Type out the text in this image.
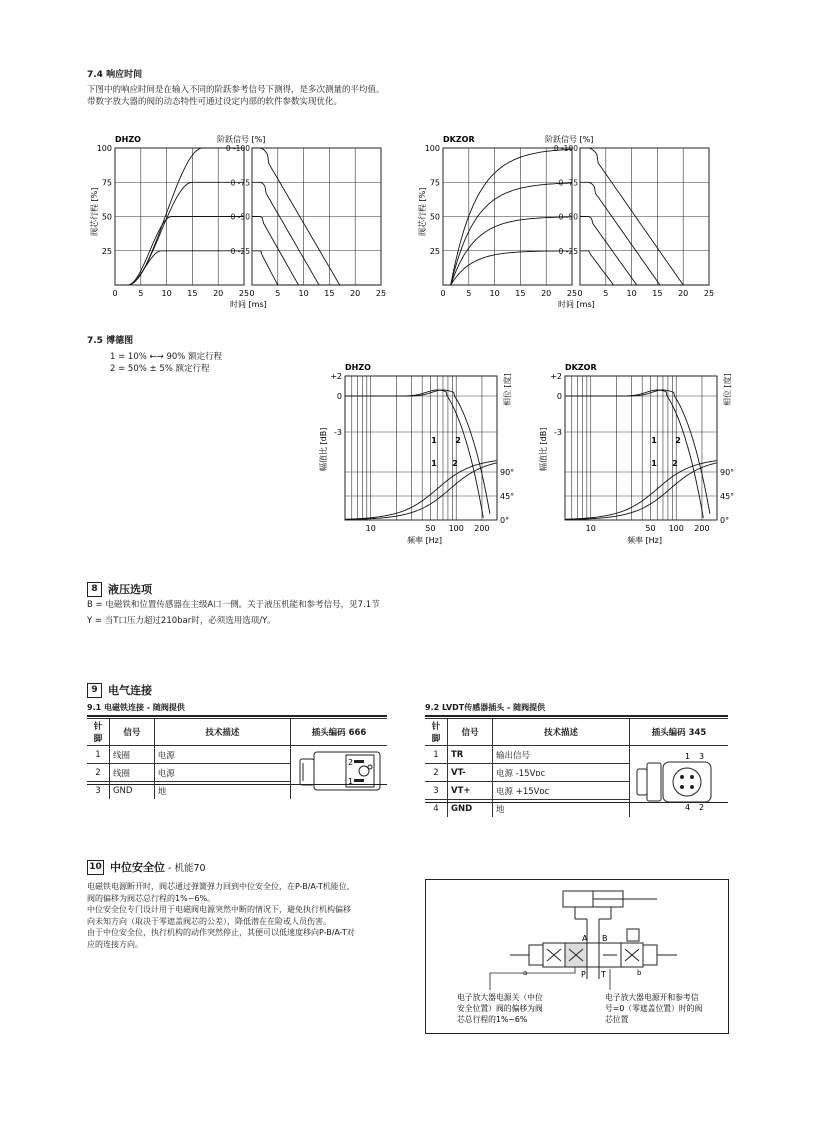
7.4 响应时间
下图中的响应时间是在输入不同的阶跃参考信号下测得，是多次测量的平均值。
带数字放大器的阀的动态特性可通过设定内部的软件参数实现优化。
DHZO	阶跃信号 [%]
阀芯行程 [%]
100
75
50
25
0	0
5	5
10	10
15	15
20	20
25	25
时间 [ms]
0 -100
0 -75
0 -50
0 -25
DKZOR	阶跃信号 [%]
阀芯行程 [%]
100
75
50
25
0	0
5	5
10	10
15	15
20	20
25	25
时间 [ms]
0 -100
0 -75
0 -50
0 -25
7.5 博德图
1 = 10% ←→ 90% 额定行程
2 = 50% ± 5% 额定行程	DHZO
+2
0
-3
90°
45°
0°
幅值比 [dB]
相位 [度]
10	50 100 200
频率 [Hz]
1 2
1 2
DKZOR
+2
0
-3
90°
45°
0°
幅值比 [dB]
相位 [度]
10	50 100 200
频率 [Hz]
1 2
1 2
8 液压选项
B = 电磁铁和位置传感器在主级A口一侧。关于液压机能和参考信号，见7.1节
Y = 当T口压力超过210bar时，必须选用选项/Y。
9 电气连接
9.1 电磁铁连接 - 随阀提供	9.2 LVDT传感器插头 - 随阀提供
针脚	信号	技术描述	插头编码 666
1	线圈	电源	2
1

2	线圈	电源	
3	GND	地	
针脚	信号	技术描述	插头编码 345
1	TR	输出信号	1 3
4 2

2	VT-	电源 -15Vᴅᴄ	
3	VT+	电源 +15Vᴅᴄ	
4	GND	地	
10 中位安全位 - 机能70
电磁铁电源断开时，阀芯通过弹簧弹力回到中位安全位，在P-B/A-T机能位,
阀的偏移为阀芯总行程的1%~6%。
中位安全位专门设计用于电磁阀电源突然中断的情况下，避免执行机构偏移
向未知方向（取决于零遮盖阀芯的公差），降低潜在在险或人员伤害。
由于中位安全位，执行机构的动作突然停止，其便可以低速度移向P-B/A-T对
应的连接方向。
A B
a	b
P T
电子放大器电源关（中位 安全位置）阀的偏移为阀 芯总行程的1%~6%
电子放大器电源开和参考信 号=0（零遮盖位置）时的阀 芯位置
